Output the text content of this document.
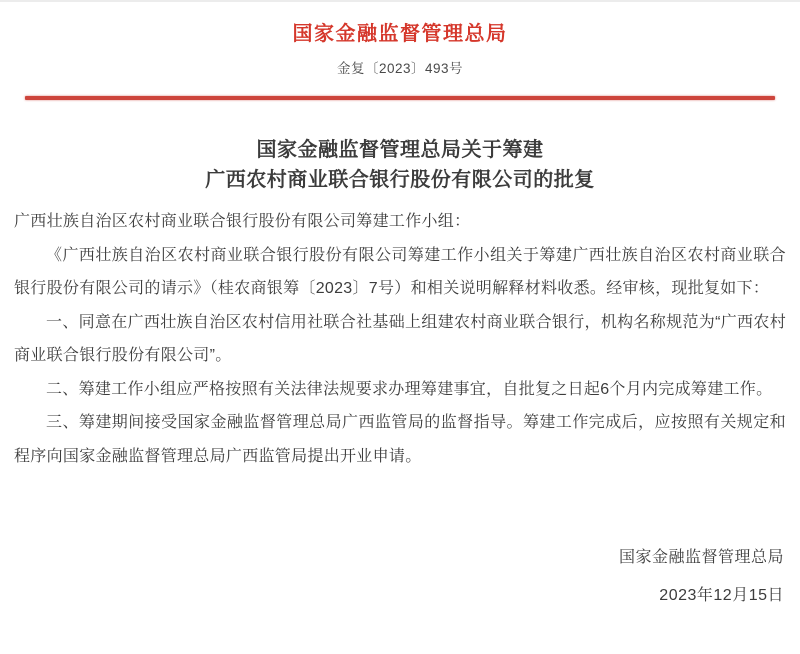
国家金融监督管理总局
金复〔2023〕493号
国家金融监督管理总局关于筹建
广西农村商业联合银行股份有限公司的批复

广西壮族自治区农村商业联合银行股份有限公司筹建工作小组：

《广西壮族自治区农村商业联合银行股份有限公司筹建工作小组关于筹建广西壮族自治区农村商业联合银行股份有限公司的请示》（桂农商银筹〔2023〕7号）和相关说明解释材料收悉。经审核，现批复如下：

一、同意在广西壮族自治区农村信用社联合社基础上组建农村商业联合银行，机构名称规范为“广西农村商业联合银行股份有限公司”。

二、筹建工作小组应严格按照有关法律法规要求办理筹建事宜，自批复之日起6个月内完成筹建工作。

三、筹建期间接受国家金融监督管理总局广西监管局的监督指导。筹建工作完成后，应按照有关规定和程序向国家金融监督管理总局广西监管局提出开业申请。

国家金融监督管理总局
2023年12月15日
